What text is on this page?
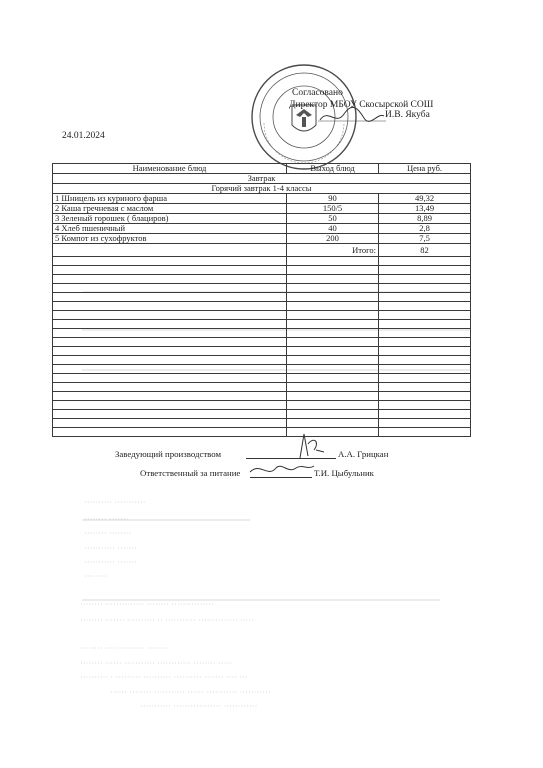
·········· ···········
········ ·······
········ ········
··········· ·······
··········· ·······
········
········ ·············· ········ ···············
········ ······· ·········· ·· ··········· ·············· ·····
········ ·············· ········
········ ······ ··········· ············ ········ ·····
·········· · ········· ·········· ·········· ······· ···· ···
······ ········ ··········· ······ ··········· ···········
··········· ················· ············
Согласовано
Директор МБОУ Скосырской СОШ
И.В. Якуба
24.01.2024
Наименование блюд	Выход блюд	Цена руб.
Завтрак		
Горячий завтрак 1-4 классы		
1 Шницель из куриного фарша	90	49,32
2 Каша гречневая с маслом	150/5	13,49
3 Зеленый горошек ( блациров)	50	8,89
4 Хлеб пшеничный	40	2,8
5 Компот из сухофруктов	200	7,5
	Итого:	82

Заведующий производством	А.А. Грицкан
Ответственный за питание	Т.И. Цыбульник
